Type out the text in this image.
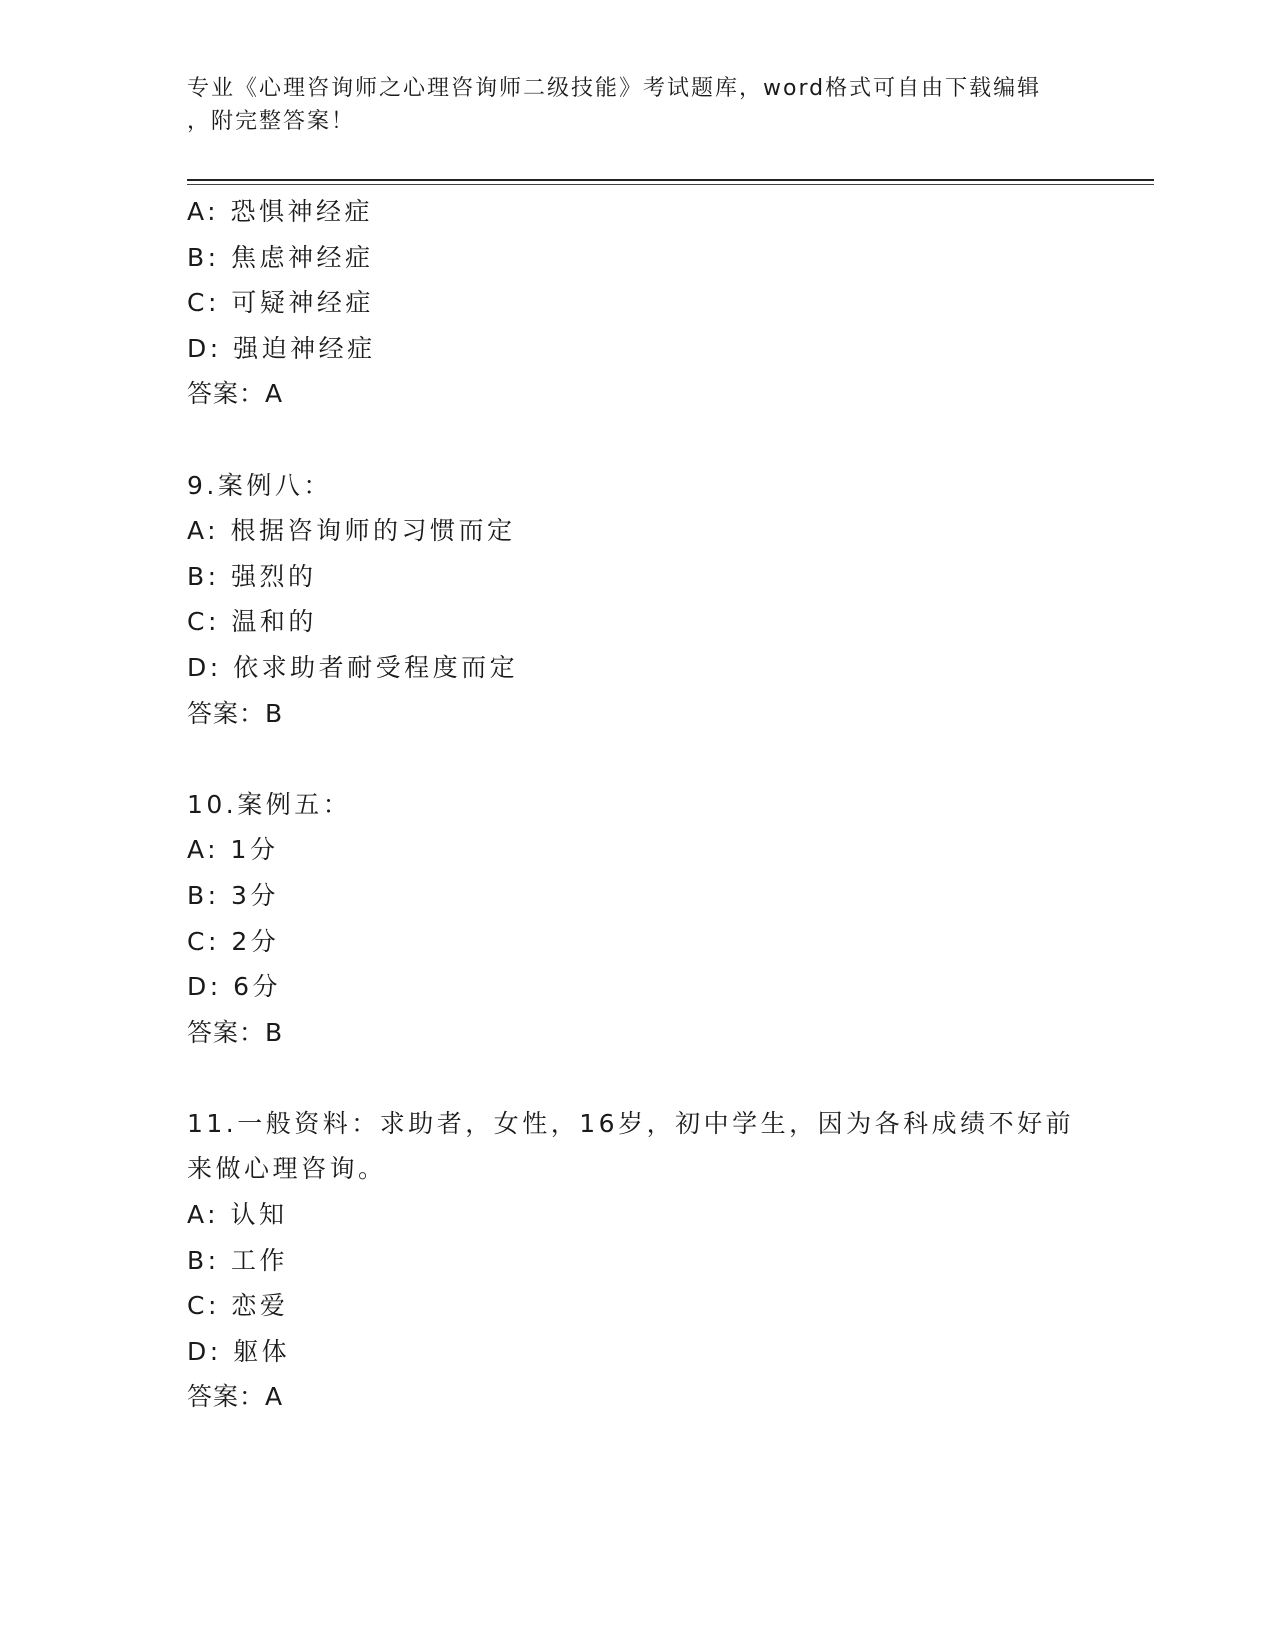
专业《心理咨询师之心理咨询师二级技能》考试题库，word格式可自由下载编辑
，附完整答案！
A: 恐惧神经症
B: 焦虑神经症
C: 可疑神经症
D: 强迫神经症
答案：A
9.案例八：
A: 根据咨询师的习惯而定
B: 强烈的
C: 温和的
D: 依求助者耐受程度而定
答案：B
10.案例五：
A: 1分
B: 3分
C: 2分
D: 6分
答案：B
11.一般资料：求助者，女性，16岁，初中学生，因为各科成绩不好前
来做心理咨询。
A: 认知
B: 工作
C: 恋爱
D: 躯体
答案：A
